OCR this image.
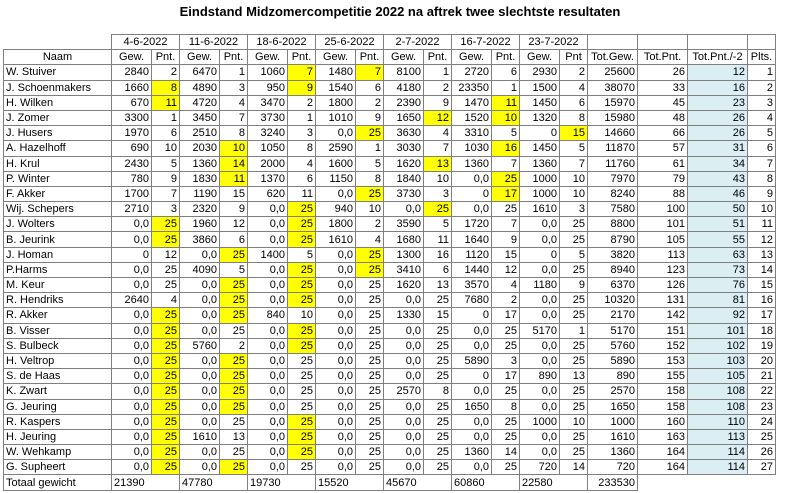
Eindstand Midzomercompetitie 2022 na aftrek twee slechtste resultaten
	4-6-2022		11-6-2022		18-6-2022		25-6-2022		2-7-2022		16-7-2022		23-7-2022					
Naam	Gew.	Pnt.	Gew.	Pnt.	Gew.	Pnt.	Gew.	Pnt.	Gew.	Pnt.	Gew.	Pnt.	Gew.	Pnt	Tot.Gew.	Tot.Pnt.	Tot.Pnt./-2	Plts.
W. Stuiver	2840	2	6470	1	1060	7	1480	7	8100	1	2720	6	2930	2	25600	26	12	1
J. Schoenmakers	1660	8	4890	3	950	9	1540	6	4180	2	23350	1	1500	4	38070	33	16	2
H. Wilken	670	11	4720	4	3470	2	1800	2	2390	9	1470	11	1450	6	15970	45	23	3
J. Zomer	3300	1	3450	7	3730	1	1010	9	1650	12	1520	10	1320	8	15980	48	26	4
J. Husers	1970	6	2510	8	3240	3	0,0	25	3630	4	3310	5	0	15	14660	66	26	5
A. Hazelhoff	690	10	2030	10	1050	8	2590	1	3030	7	1030	16	1450	5	11870	57	31	6
H. Krul	2430	5	1360	14	2000	4	1600	5	1620	13	1360	7	1360	7	11760	61	34	7
P. Winter	780	9	1830	11	1370	6	1150	8	1840	10	0,0	25	1000	10	7970	79	43	8
F. Akker	1700	7	1190	15	620	11	0,0	25	3730	3	0	17	1000	10	8240	88	46	9
Wij. Schepers	2710	3	2320	9	0,0	25	940	10	0,0	25	0,0	25	1610	3	7580	100	50	10
J. Wolters	0,0	25	1960	12	0,0	25	1800	2	3590	5	1720	7	0,0	25	8800	101	51	11
B. Jeurink	0,0	25	3860	6	0,0	25	1610	4	1680	11	1640	9	0,0	25	8790	105	55	12
J. Homan	0	12	0,0	25	1400	5	0,0	25	1300	16	1120	15	0	5	3820	113	63	13
P.Harms	0,0	25	4090	5	0,0	25	0,0	25	3410	6	1440	12	0,0	25	8940	123	73	14
M. Keur	0,0	25	0,0	25	0,0	25	0,0	25	1620	13	3570	4	1180	9	6370	126	76	15
R. Hendriks	2640	4	0,0	25	0,0	25	0,0	25	0,0	25	7680	2	0,0	25	10320	131	81	16
R. Akker	0,0	25	0,0	25	840	10	0,0	25	1330	15	0	17	0,0	25	2170	142	92	17
B. Visser	0,0	25	0,0	25	0,0	25	0,0	25	0,0	25	0,0	25	5170	1	5170	151	101	18
S. Bulbeck	0,0	25	5760	2	0,0	25	0,0	25	0,0	25	0,0	25	0,0	25	5760	152	102	19
H. Veltrop	0,0	25	0,0	25	0,0	25	0,0	25	0,0	25	5890	3	0,0	25	5890	153	103	20
S. de Haas	0,0	25	0,0	25	0,0	25	0,0	25	0,0	25	0	17	890	13	890	155	105	21
K. Zwart	0,0	25	0,0	25	0,0	25	0,0	25	2570	8	0,0	25	0,0	25	2570	158	108	22
G. Jeuring	0,0	25	0,0	25	0,0	25	0,0	25	0,0	25	1650	8	0,0	25	1650	158	108	23
R. Kaspers	0,0	25	0,0	25	0,0	25	0,0	25	0,0	25	0,0	25	1000	10	1000	160	110	24
H. Jeuring	0,0	25	1610	13	0,0	25	0,0	25	0,0	25	0,0	25	0,0	25	1610	163	113	25
W. Wehkamp	0,0	25	0,0	25	0,0	25	0,0	25	0,0	25	1360	14	0,0	25	1360	164	114	26
G. Supheert	0,0	25	0,0	25	0,0	25	0,0	25	0,0	25	0,0	25	720	14	720	164	114	27
Totaal gewicht	21390		47780		19730		15520		45670		60860		22580		233530			
